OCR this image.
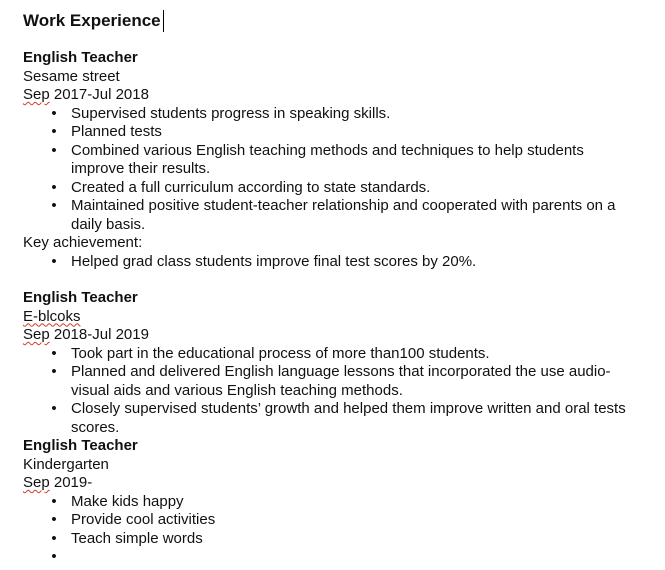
Work Experience

English Teacher

Sesame street

Sep 2017-Jul 2018

• Supervised students progress in speaking skills.
• Planned tests
• Combined various English teaching methods and techniques to help students improve their results.
• Created a full curriculum according to state standards.
• Maintained positive student-teacher relationship and cooperated with parents on a daily basis.

Key achievement:

• Helped grad class students improve final test scores by 20%.

English Teacher

E-blcoks

Sep 2018-Jul 2019

• Took part in the educational process of more than100 students.
• Planned and delivered English language lessons that incorporated the use audio-visual aids and various English teaching methods.
• Closely supervised students’ growth and helped them improve written and oral tests scores.

English Teacher

Kindergarten

Sep 2019-

• Make kids happy
• Provide cool activities
• Teach simple words
•
